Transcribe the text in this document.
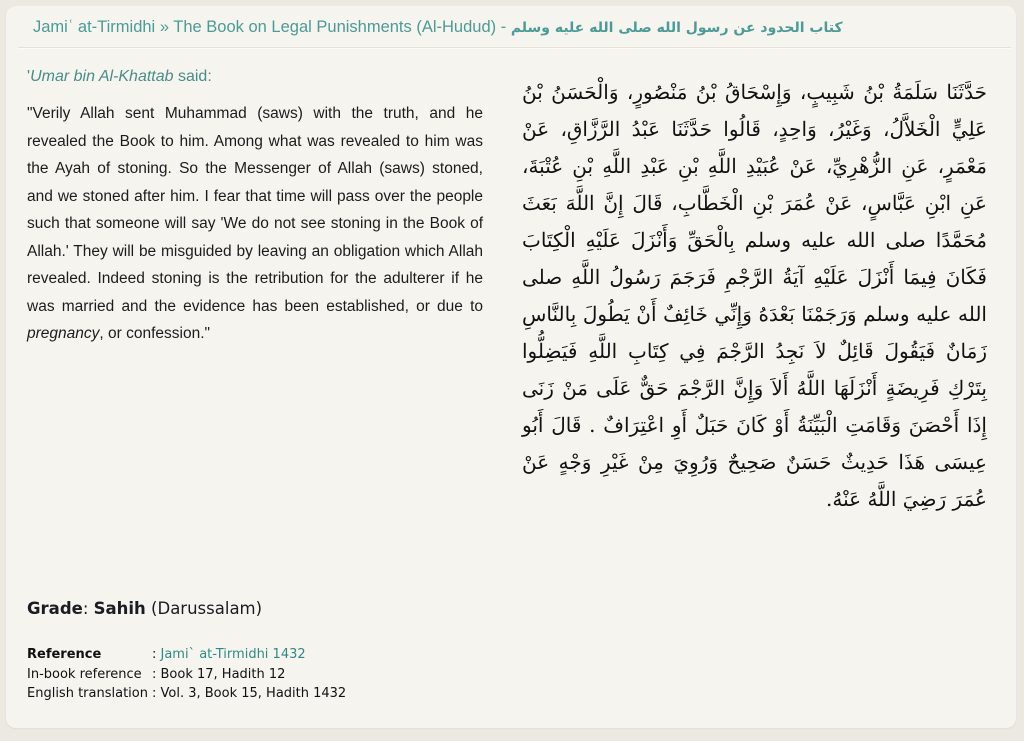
Jamiʿ at-Tirmidhi » The Book on Legal Punishments (Al-Hudud) - كتاب الحدود عن رسول الله صلى الله عليه وسلم
'Umar bin Al-Khattab said:
"Verily Allah sent Muhammad (saws) with the truth, and he revealed the Book to him. Among what was revealed to him was the Ayah of stoning. So the Messenger of Allah (saws) stoned, and we stoned after him. I fear that time will pass over the people such that someone will say 'We do not see stoning in the Book of Allah.' They will be misguided by leaving an obligation which Allah revealed. Indeed stoning is the retribution for the adulterer if he was married and the evidence has been established, or due to pregnancy, or confession."
حَدَّثَنَا سَلَمَةُ بْنُ شَبِيبٍ، وَإِسْحَاقُ بْنُ مَنْصُورٍ، وَالْحَسَنُ بْنُ عَلِيٍّ الْخَلاَّلُ، وَغَيْرُ، وَاحِدٍ، قَالُوا حَدَّثَنَا عَبْدُ الرَّزَّاقِ، عَنْ مَعْمَرٍ، عَنِ الزُّهْرِيِّ، عَنْ عُبَيْدِ اللَّهِ بْنِ عَبْدِ اللَّهِ بْنِ عُتْبَةَ، عَنِ ابْنِ عَبَّاسٍ، عَنْ عُمَرَ بْنِ الْخَطَّابِ، قَالَ إِنَّ اللَّهَ بَعَثَ مُحَمَّدًا صلى الله عليه وسلم بِالْحَقِّ وَأَنْزَلَ عَلَيْهِ الْكِتَابَ فَكَانَ فِيمَا أَنْزَلَ عَلَيْهِ آيَةُ الرَّجْمِ فَرَجَمَ رَسُولُ اللَّهِ صلى الله عليه وسلم وَرَجَمْنَا بَعْدَهُ وَإِنِّي خَائِفٌ أَنْ يَطُولَ بِالنَّاسِ زَمَانٌ فَيَقُولَ قَائِلٌ لاَ نَجِدُ الرَّجْمَ فِي كِتَابِ اللَّهِ فَيَضِلُّوا بِتَرْكِ فَرِيضَةٍ أَنْزَلَهَا اللَّهُ أَلاَ وَإِنَّ الرَّجْمَ حَقٌّ عَلَى مَنْ زَنَى إِذَا أَحْصَنَ وَقَامَتِ الْبَيِّنَةُ أَوْ كَانَ حَبَلٌ أَوِ اعْتِرَافٌ . قَالَ أَبُو عِيسَى هَذَا حَدِيثٌ حَسَنٌ صَحِيحٌ وَرُوِيَ مِنْ غَيْرِ وَجْهٍ عَنْ عُمَرَ رَضِيَ اللَّهُ عَنْهُ.
Grade: Sahih (Darussalam)
Reference	: Jami` at-Tirmidhi 1432
In-book reference	: Book 17, Hadith 12
English translation	: Vol. 3, Book 15, Hadith 1432
